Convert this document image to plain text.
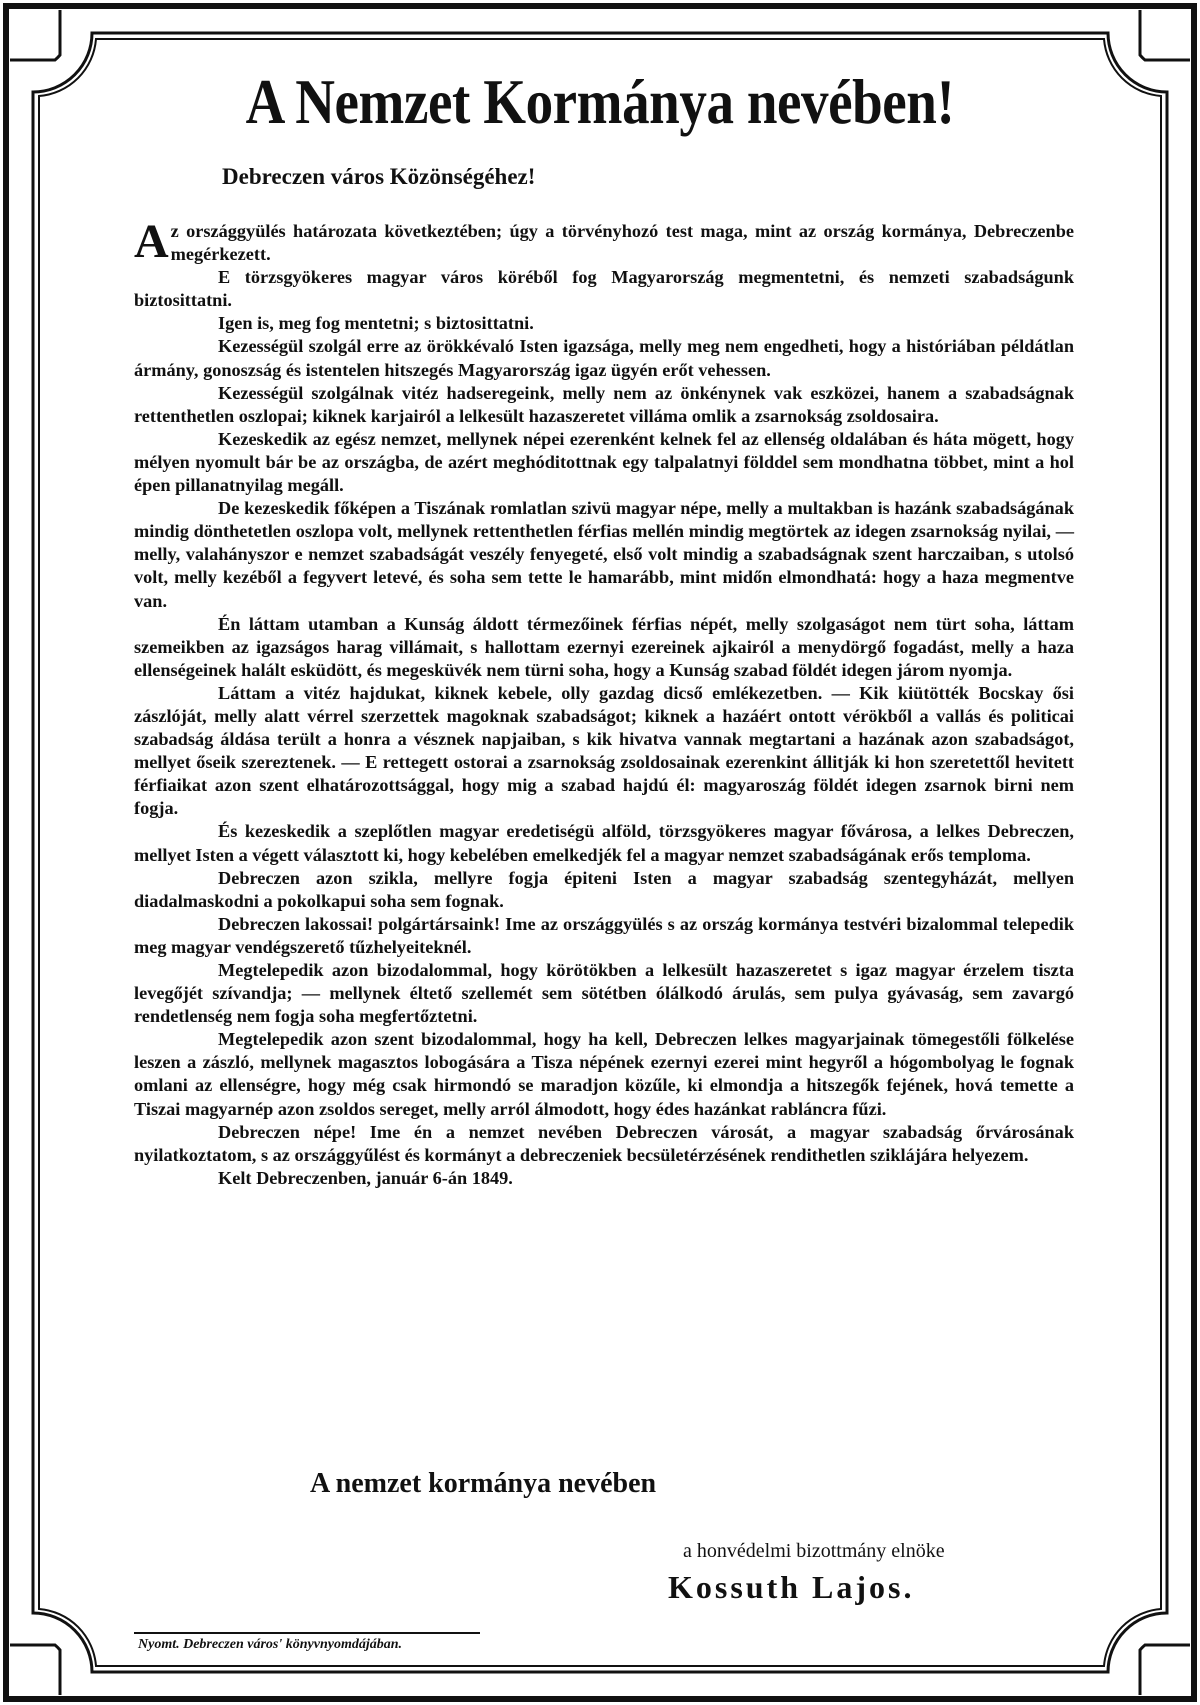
A Nemzet Kormánya nevében!
Debreczen város Közönségéhez!

Az országgyülés határozata következtében; úgy a törvényhozó test maga, mint az ország kormánya, Debreczenbe megérkezett.

E törzsgyökeres magyar város köréből fog Magyarország megmentetni, és nemzeti szabadságunk biztosittatni.

Igen is, meg fog mentetni; s biztosittatni.

Kezességül szolgál erre az örökkévaló Isten igazsága, melly meg nem engedheti, hogy a históriában példátlan ármány, gonoszság és istentelen hitszegés Magyarország igaz ügyén erőt vehessen.

Kezességül szolgálnak vitéz hadseregeink, melly nem az önkénynek vak eszközei, hanem a szabadságnak rettenthetlen oszlopai; kiknek karjairól a lelkesült hazaszeretet villáma omlik a zsarnokság zsoldosaira.

Kezeskedik az egész nemzet, mellynek népei ezerenként kelnek fel az ellenség oldalában és háta mögett, hogy mélyen nyomult bár be az országba, de azért meghóditottnak egy talpalatnyi földdel sem mondhatna többet, mint a hol épen pillanatnyilag megáll.

De kezeskedik főképen a Tiszának romlatlan szivü magyar népe, melly a multakban is hazánk szabadságának mindig dönthetetlen oszlopa volt, mellynek rettenthetlen férfias mellén mindig megtörtek az idegen zsarnokság nyilai, — melly, valahányszor e nemzet szabadságát veszély fenyegeté, első volt mindig a szabadságnak szent harczaiban, s utolsó volt, melly kezéből a fegyvert letevé, és soha sem tette le hamarább, mint midőn elmondhatá: hogy a haza megmentve van.

Én láttam utamban a Kunság áldott térmezőinek férfias népét, melly szolgaságot nem türt soha, láttam szemeikben az igazságos harag villámait, s hallottam ezernyi ezereinek ajkairól a menydörgő fogadást, melly a haza ellenségeinek halált esküdött, és megesküvék nem türni soha, hogy a Kunság szabad földét idegen járom nyomja.

Láttam a vitéz hajdukat, kiknek kebele, olly gazdag dicső emlékezetben. — Kik kiütötték Bocskay ősi zászlóját, melly alatt vérrel szerzettek magoknak szabadságot; kiknek a hazáért ontott vérökből a vallás és politicai szabadság áldása terült a honra a vésznek napjaiban, s kik hivatva vannak megtartani a hazának azon szabadságot, mellyet őseik szereztenek. — E rettegett ostorai a zsarnokság zsoldosainak ezerenkint állitják ki hon szeretettől hevitett férfiaikat azon szent elhatározottsággal, hogy mig a szabad hajdú él: magyaroszág földét idegen zsarnok birni nem fogja.

És kezeskedik a szeplőtlen magyar eredetiségü alföld, törzsgyökeres magyar fővárosa, a lelkes Debreczen, mellyet Isten a végett választott ki, hogy kebelében emelkedjék fel a magyar nemzet szabadságának erős temploma.

Debreczen azon szikla, mellyre fogja épiteni Isten a magyar szabadság szentegyházát, mellyen diadalmaskodni a pokolkapui soha sem fognak.

Debreczen lakossai! polgártársaink! Ime az országgyülés s az ország kormánya testvéri bizalommal telepedik meg magyar vendégszerető tűzhelyeiteknél.

Megtelepedik azon bizodalommal, hogy körötökben a lelkesült hazaszeretet s igaz magyar érzelem tiszta levegőjét szívandja; — mellynek éltető szellemét sem sötétben ólálkodó árulás, sem pulya gyávaság, sem zavargó rendetlenség nem fogja soha megfertőztetni.

Megtelepedik azon szent bizodalommal, hogy ha kell, Debreczen lelkes magyarjainak tömegestőli fölkelése leszen a zászló, mellynek magasztos lobogására a Tisza népének ezernyi ezerei mint hegyről a hógombolyag le fognak omlani az ellenségre, hogy még csak hirmondó se maradjon közűle, ki elmondja a hitszegők fejének, hová temette a Tiszai magyarnép azon zsoldos sereget, melly arról álmodott, hogy édes hazánkat rabláncra fűzi.

Debreczen népe! Ime én a nemzet nevében Debreczen városát, a magyar szabadság őrvárosának nyilatkoztatom, s az országgyűlést és kormányt a debreczeniek becsületérzésének rendithetlen sziklájára helyezem.

Kelt Debreczenben, január 6-án 1849.

A nemzet kormánya nevében
a honvédelmi bizottmány elnöke
Kossuth Lajos.
Nyomt. Debreczen város' könyvnyomdájában.
